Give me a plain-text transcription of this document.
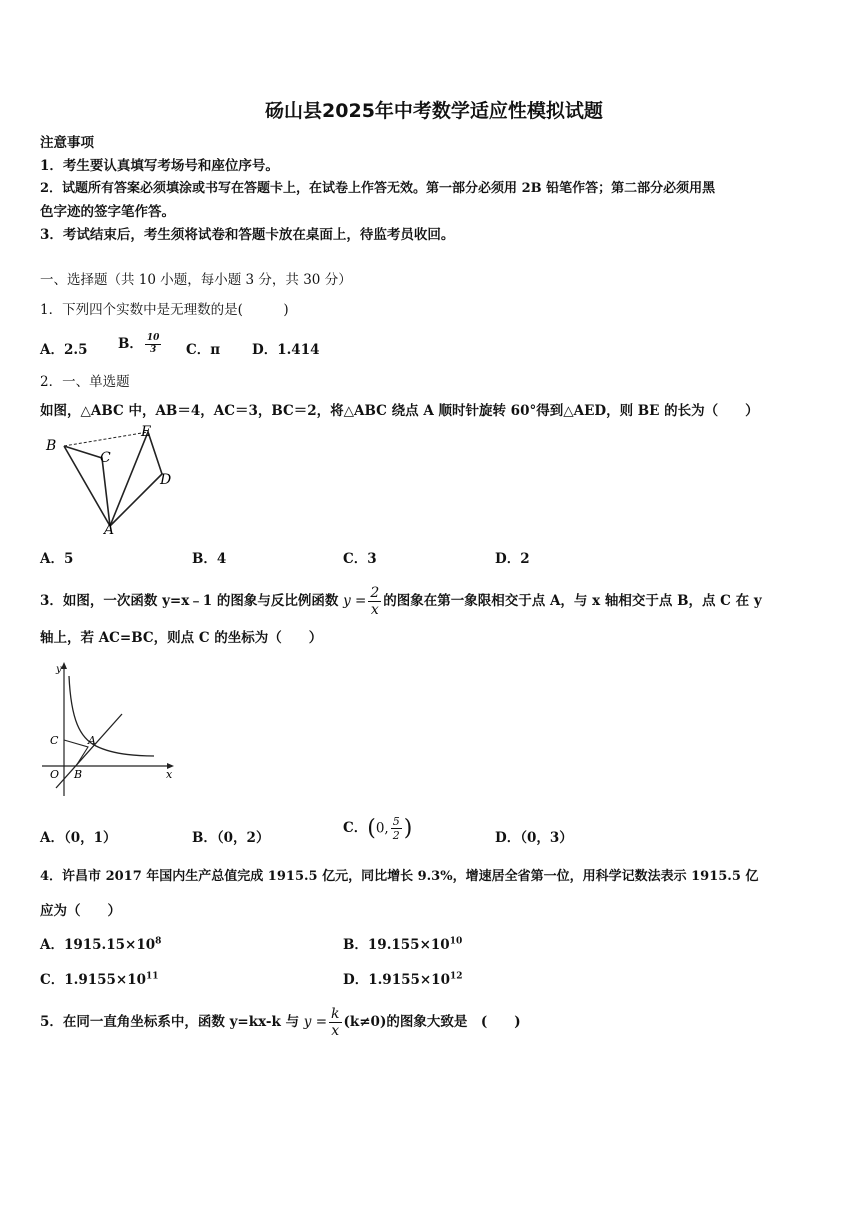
砀山县2025年中考数学适应性模拟试题
注意事项
1．考生要认真填写考场号和座位序号。
2．试题所有答案必须填涂或书写在答题卡上，在试卷上作答无效。第一部分必须用 2B 铅笔作答；第二部分必须用黑
色字迹的签字笔作答。
3．考试结束后，考生须将试卷和答题卡放在桌面上，待监考员收回。
一、选择题（共 10 小题，每小题 3 分，共 30 分）
1．下列四个实数中是无理数的是(　　　)
A．2.5 B． $\frac{10}{3}$ C．π D．1.414
2．一、单选题
如图，△ABC 中，AB＝4，AC＝3，BC＝2，将△ABC 绕点 A 顺时针旋转 60°得到△AED，则 BE 的长为（　　）
B
C
E
D
A
A．5	B．4	C．3	D．2
3．如图，一次函数 y=x﹣1 的图象与反比例函数 $y = \frac{2}{x}$ 的图象在第一象限相交于点 A，与 x 轴相交于点 B，点 C 在 y
轴上，若 AC=BC，则点 C 的坐标为（　　）
y
x
C	A
O B
A．（0，1）	B．（0，2）
C．(0, $\frac{5}{2}$ )	D．（0，3）
4．许昌市 2017 年国内生产总值完成 1915.5 亿元，同比增长 9.3%，增速居全省第一位，用科学记数法表示 1915.5 亿
应为（　　）
A．$1915.15\times 10^8$	B．$19.155\times 10^{10}$
C．$1.9155\times 10^{11}$	D．$1.9155\times 10^{12}$
5．在同一直角坐标系中，函数 y=kx-k 与 $y = \frac{k}{x} (k\ne 0)$的图象大致是　(　　)
